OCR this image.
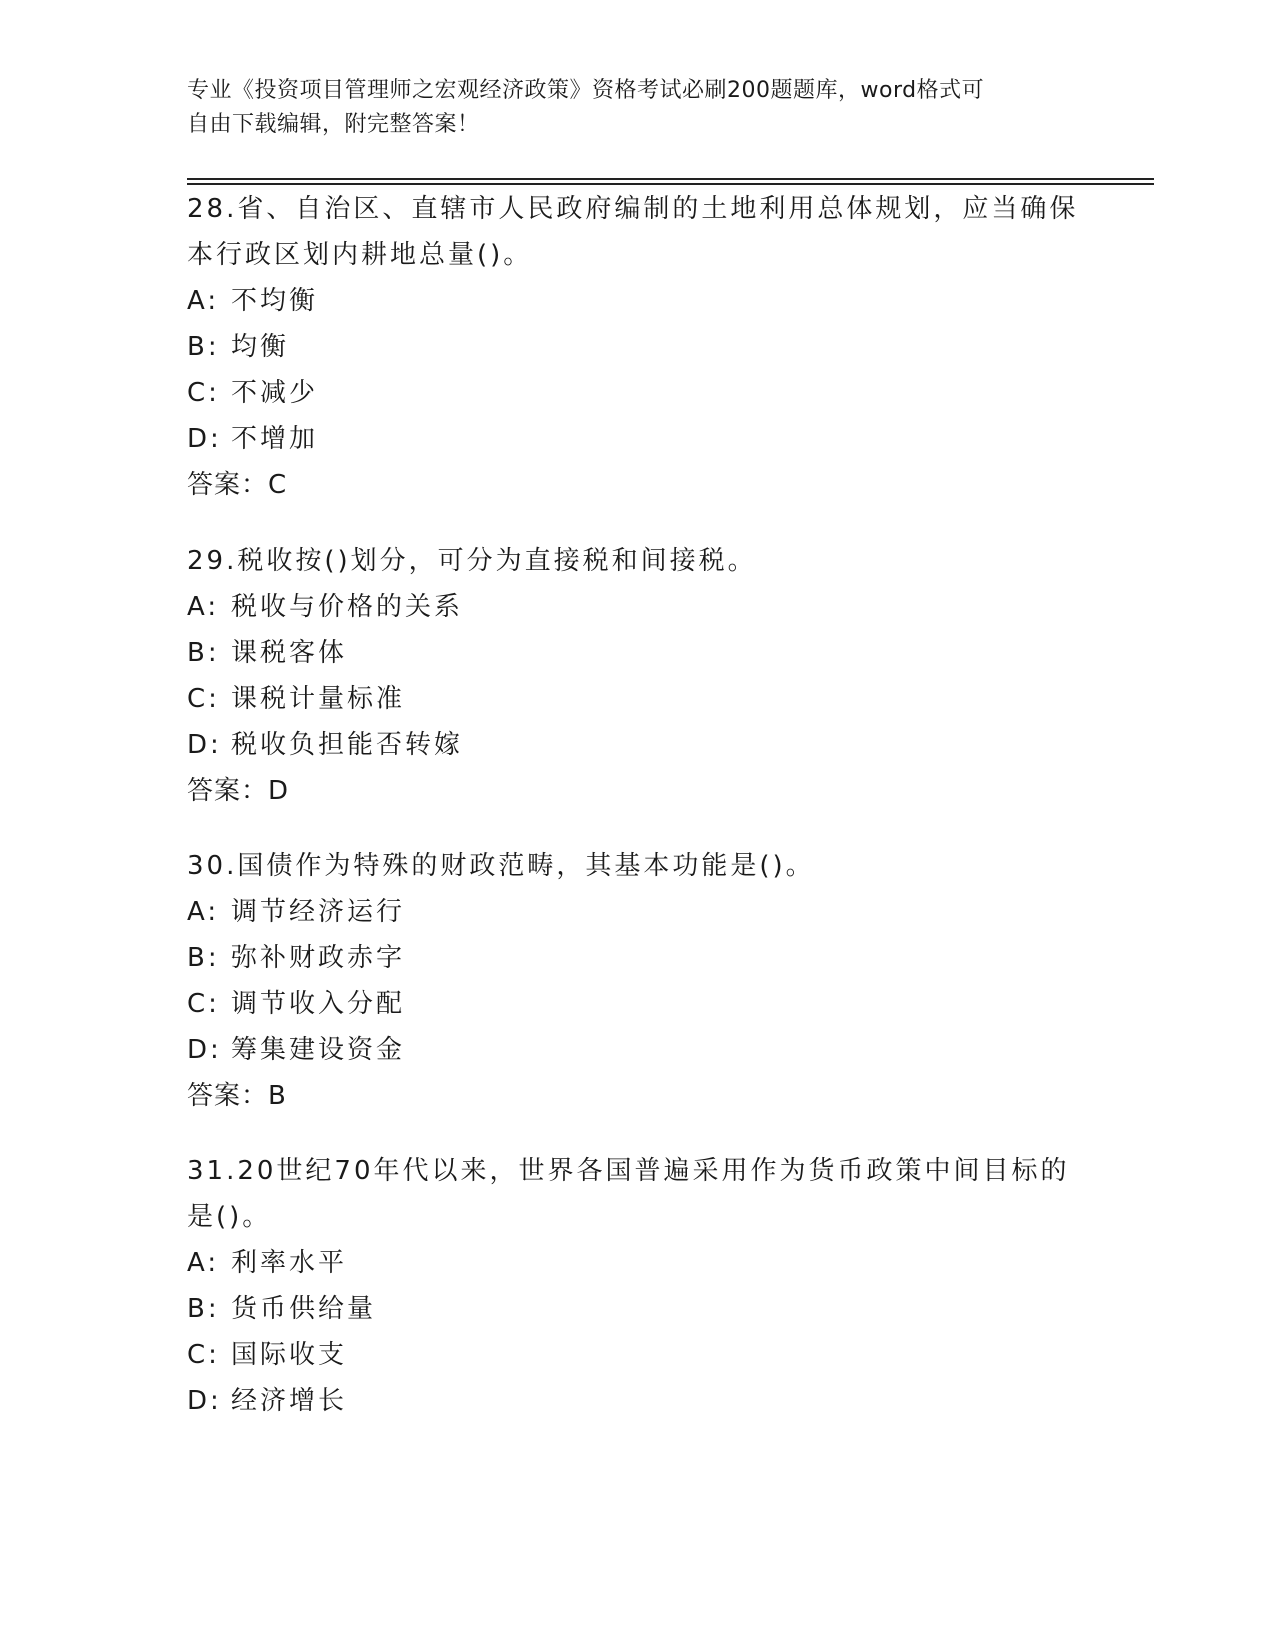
专业《投资项目管理师之宏观经济政策》资格考试必刷200题题库，word格式可
自由下载编辑，附完整答案！

28.省、自治区、直辖市人民政府编制的土地利用总体规划，应当确保

本行政区划内耕地总量()。

A: 不均衡

B: 均衡

C: 不减少

D: 不增加

答案：C

29.税收按()划分，可分为直接税和间接税。

A: 税收与价格的关系

B: 课税客体

C: 课税计量标准

D: 税收负担能否转嫁

答案：D

30.国债作为特殊的财政范畴，其基本功能是()。

A: 调节经济运行

B: 弥补财政赤字

C: 调节收入分配

D: 筹集建设资金

答案：B

31.20世纪70年代以来，世界各国普遍采用作为货币政策中间目标的

是()。

A: 利率水平

B: 货币供给量

C: 国际收支

D: 经济增长
